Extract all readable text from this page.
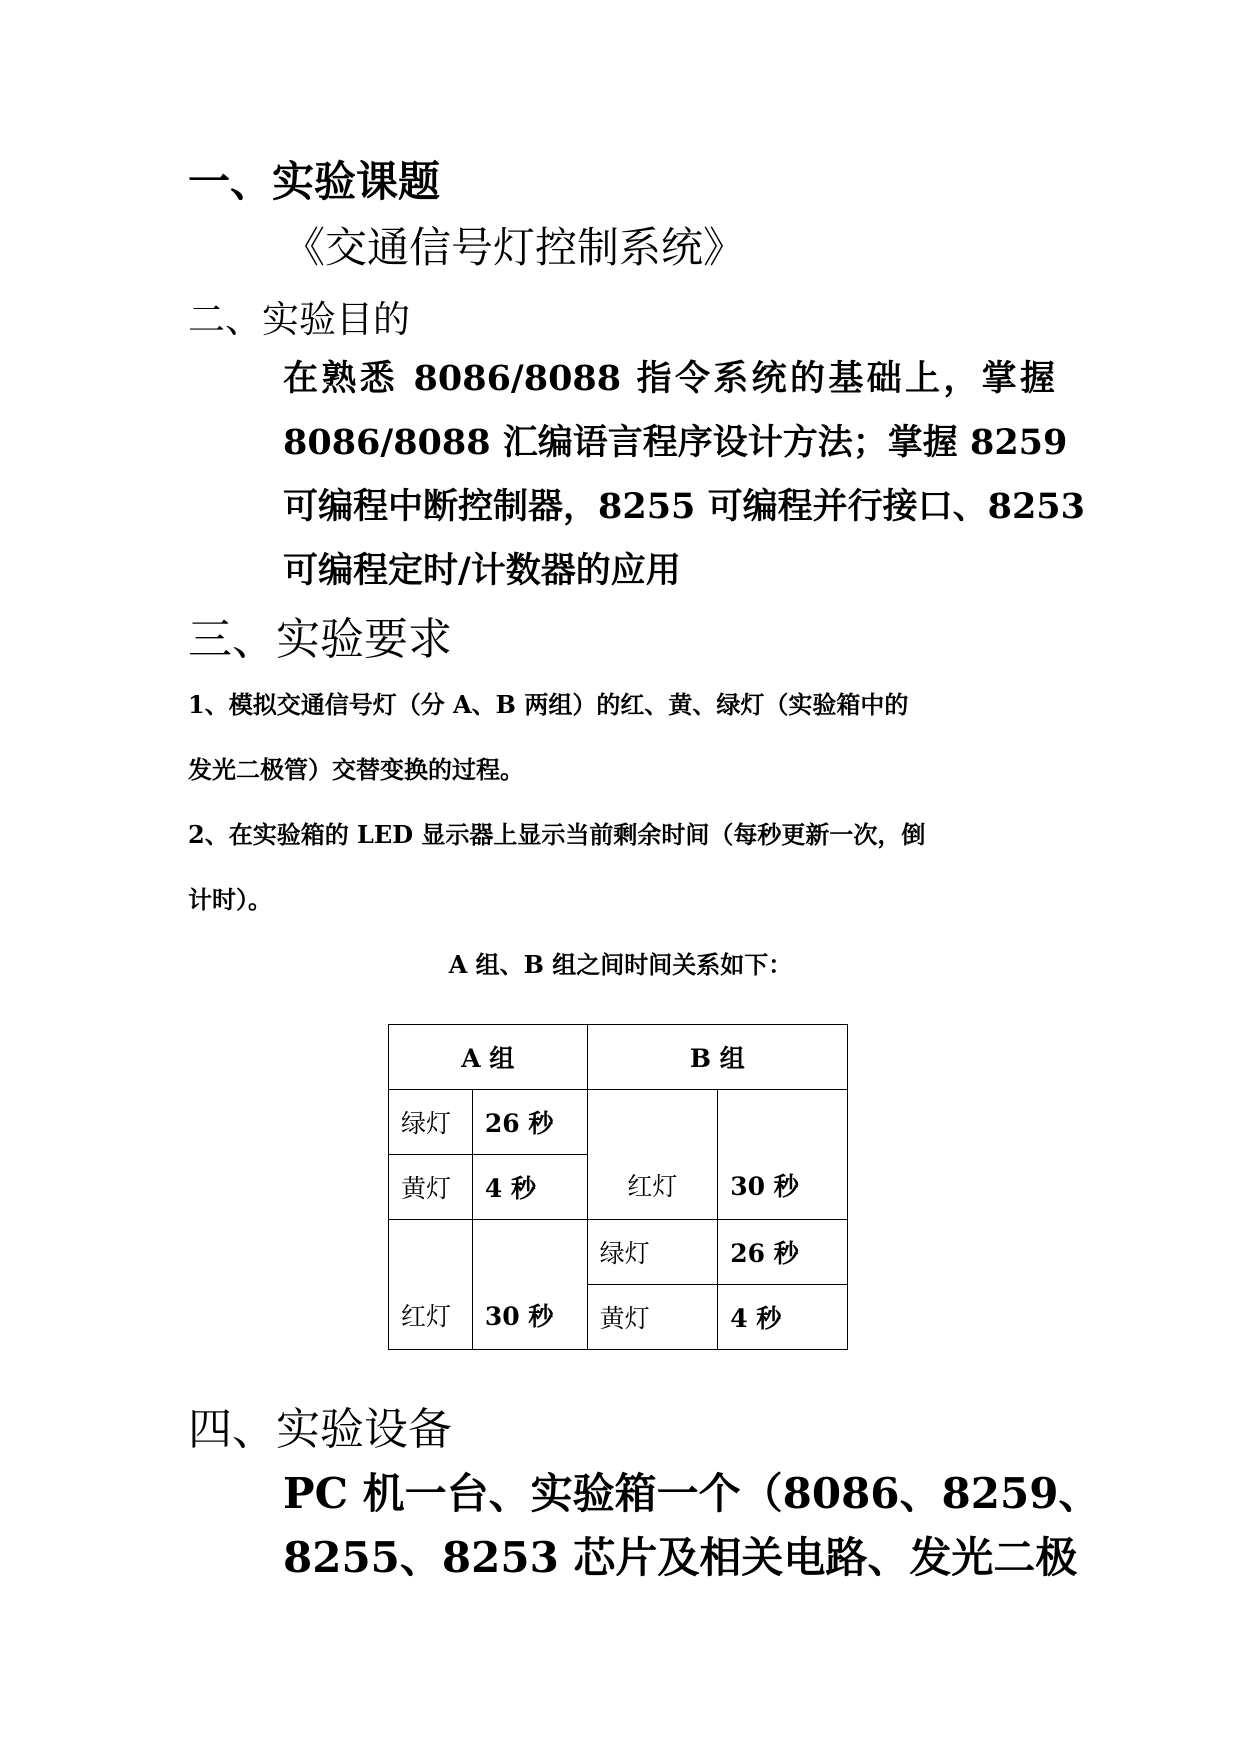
一、实验课题
《交通信号灯控制系统》
二、实验目的
在熟悉 8086/8088 指令系统的基础上，掌握
8086/8088 汇编语言程序设计方法；掌握 8259
可编程中断控制器，8255 可编程并行接口、8253
可编程定时/计数器的应用
三、实验要求
1、模拟交通信号灯（分 A、B 两组）的红、黄、绿灯（实验箱中的
发光二极管）交替变换的过程。
2、在实验箱的 LED 显示器上显示当前剩余时间（每秒更新一次，倒
计时）。
A 组、B 组之间时间关系如下：
A 组		B 组	
绿灯	26 秒	红灯	30 秒
黄灯	4 秒		
红灯	30 秒	绿灯	26 秒
		黄灯	4 秒
四、实验设备
PC 机一台、实验箱一个（8086、8259、
8255、8253 芯片及相关电路、发光二极
